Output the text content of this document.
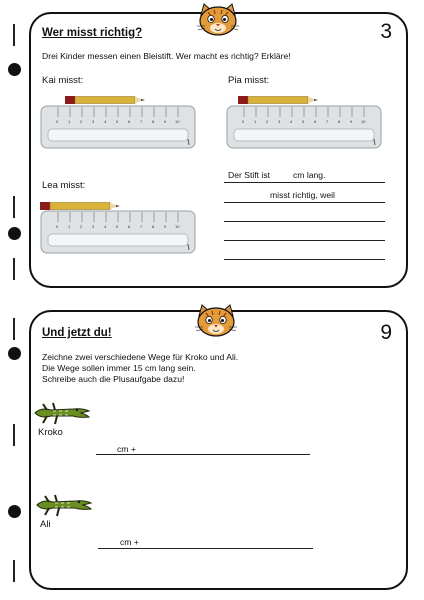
Wer misst richtig?	3
Drei Kinder messen einen Bleistift. Wer macht es richtig? Erkläre!
Kai misst:	Pia misst:
Lea misst:
0 1 2 3 4 5 6 7 8 9 10	0 1 2 3 4 5 6 7 8 9 10
0 1 2 3 4 5 6 7 8 9 10
Der Stift ist	cm lang.
misst richtig, weil
Und jetzt du!	9
Zeichne zwei verschiedene Wege für Kroko und Ali.
Die Wege sollen immer 15 cm lang sein.
Schreibe auch die Plusaufgabe dazu!
Kroko
cm +
Ali
cm +
